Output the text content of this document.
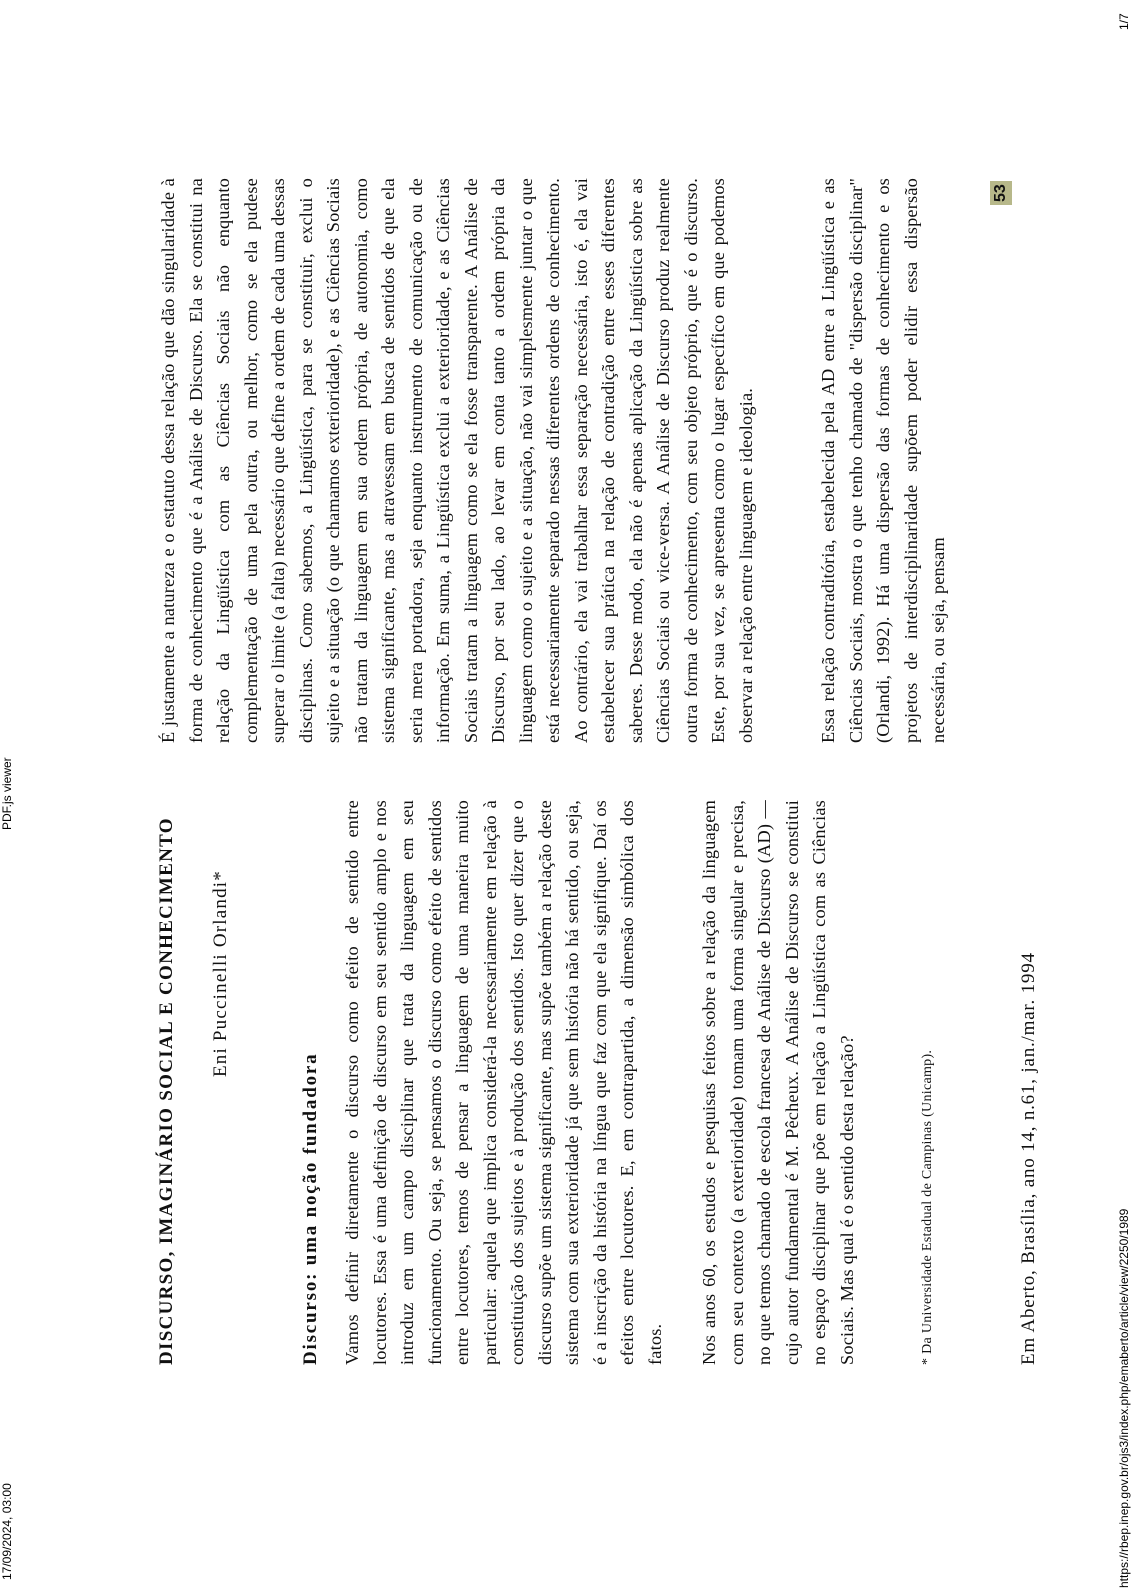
17/09/2024, 03:00
PDF.js viewer
https://rbep.inep.gov.br/ojs3/index.php/emaberto/article/view/2250/1989
1/7
DISCURSO, IMAGINÁRIO SOCIAL E CONHECIMENTO Eni Puccinelli Orlandi*
Discurso: uma noção fundadora Vamos definir diretamente o discurso como efeito de sentido entre locutores. Essa é uma definição de discurso em seu sentido amplo e nos introduz em um campo disciplinar que trata da linguagem em seu funcionamento. Ou seja, se pensamos o discurso como efeito de sentidos entre locutores, temos de pensar a linguagem de uma maneira muito particular: aquela que implica considerá-la necessariamente em relação à constituição dos sujeitos e à produção dos sentidos. Isto quer dizer que o discurso supõe um sistema significante, mas supõe também a relação deste sistema com sua exterioridade já que sem história não há sentido, ou seja, é a inscrição da história na língua que faz com que ela signifique. Daí os efeitos entre locutores. E, em contrapartida, a dimensão simbólica dos fatos. Nos anos 60, os estudos e pesquisas feitos sobre a relação da linguagem com seu contexto (a exterioridade) tomam uma forma singular e precisa, no que temos chamado de escola francesa de Análise de Discurso (AD) — cujo autor fundamental é M. Pêcheux. A Análise de Discurso se constitui no espaço disciplinar que põe em relação a Lingüística com as Ciências Sociais. Mas qual é o sentido desta relação?	* Da Universidade Estadual de Campinas (Unicamp).	Em Aberto, Brasília, ano 14, n.61, jan./mar. 1994

É justamente a natureza e o estatuto dessa relação que dão singularidade à forma de conhecimento que é a Análise de Discurso. Ela se constitui na relação da Lingüística com as Ciências Sociais não enquanto complementação de uma pela outra, ou melhor, como se ela pudese superar o limite (a falta) necessário que define a ordem de cada uma dessas disciplinas. Como sabemos, a Lingüística, para se constituir, exclui o sujeito e a situação (o que chamamos exterioridade), e as Ciências Sociais não tratam da linguagem em sua ordem própria, de autonomia, como sistema significante, mas a atravessam em busca de sentidos de que ela seria mera portadora, seja enquanto instrumento de comunicação ou de informação. Em suma, a Lingüística exclui a exterioridade, e as Ciências Sociais tratam a linguagem como se ela fosse transparente. A Análise de Discurso, por seu lado, ao levar em conta tanto a ordem própria da linguagem como o sujeito e a situação, não vai simplesmente juntar o que está necessariamente separado nessas diferentes ordens de conhecimento. Ao contrário, ela vai trabalhar essa separação necessária, isto é, ela vai estabelecer sua prática na relação de contradição entre esses diferentes saberes. Desse modo, ela não é apenas aplicação da Lingüística sobre as Ciências Sociais ou vice-versa. A Análise de Discurso produz realmente outra forma de conhecimento, com seu objeto próprio, que é o discurso. Este, por sua vez, se apresenta como o lugar específico em que podemos observar a relação entre linguagem e ideologia.	Essa relação contraditória, estabelecida pela AD entre a Lingüística e as Ciências Sociais, mostra o que tenho chamado de "dispersão disciplinar" (Orlandi, 1992). Há uma dispersão das formas de conhecimento e os projetos de interdisciplinaridade supõem poder elidir essa dispersão necessária, ou seja, pensam

53
